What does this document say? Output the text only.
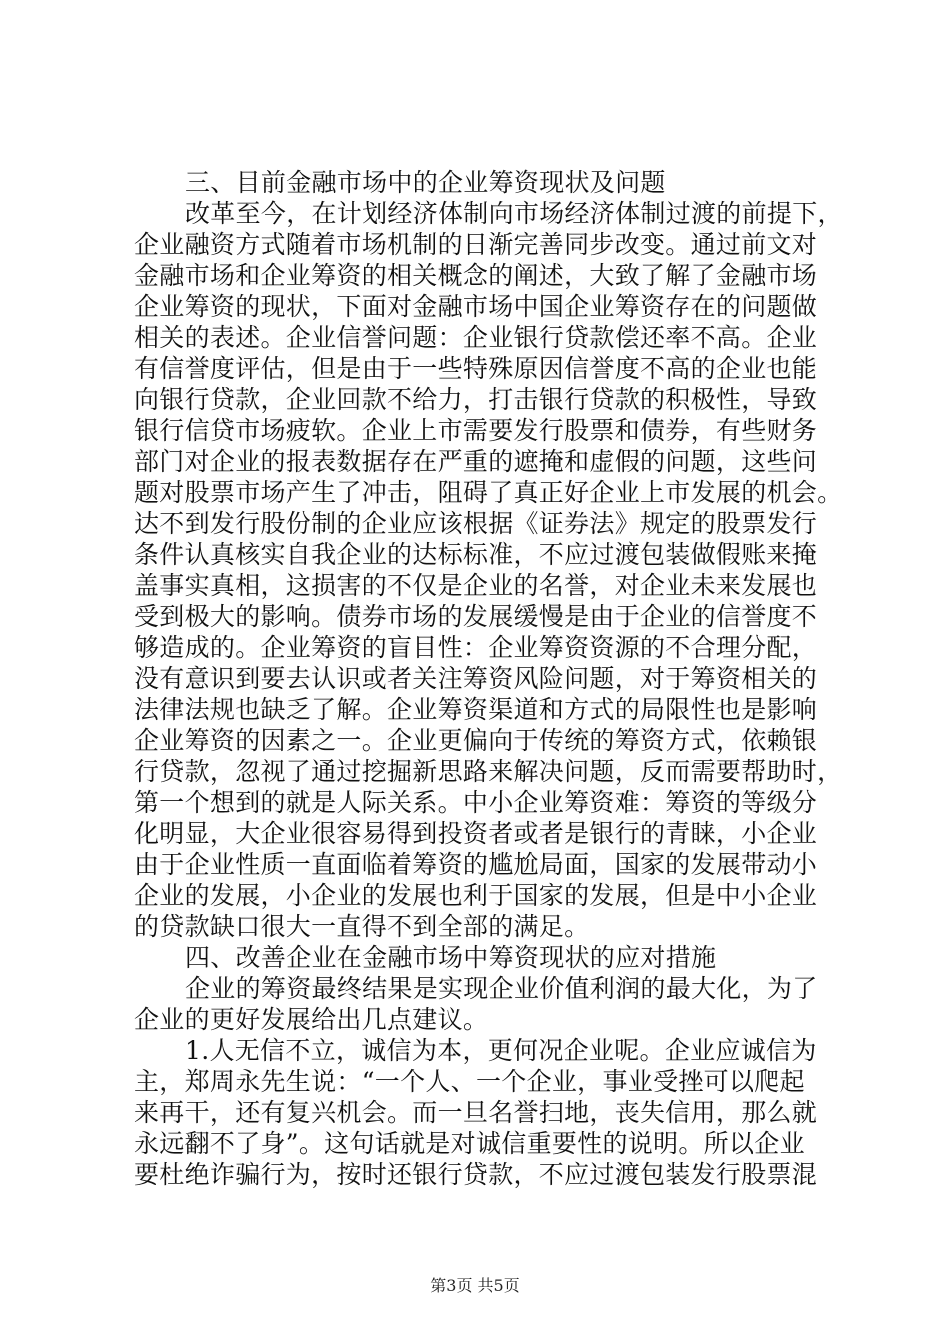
三、目前金融市场中的企业筹资现状及问题
改革至今，在计划经济体制向市场经济体制过渡的前提下，
企业融资方式随着市场机制的日渐完善同步改变。通过前文对
金融市场和企业筹资的相关概念的阐述，大致了解了金融市场
企业筹资的现状，下面对金融市场中国企业筹资存在的问题做
相关的表述。企业信誉问题：企业银行贷款偿还率不高。企业
有信誉度评估，但是由于一些特殊原因信誉度不高的企业也能
向银行贷款，企业回款不给力，打击银行贷款的积极性，导致
银行信贷市场疲软。企业上市需要发行股票和债券，有些财务
部门对企业的报表数据存在严重的遮掩和虚假的问题，这些问
题对股票市场产生了冲击，阻碍了真正好企业上市发展的机会。
达不到发行股份制的企业应该根据《证券法》规定的股票发行
条件认真核实自我企业的达标标准，不应过渡包装做假账来掩
盖事实真相，这损害的不仅是企业的名誉，对企业未来发展也
受到极大的影响。债券市场的发展缓慢是由于企业的信誉度不
够造成的。企业筹资的盲目性：企业筹资资源的不合理分配，
没有意识到要去认识或者关注筹资风险问题，对于筹资相关的
法律法规也缺乏了解。企业筹资渠道和方式的局限性也是影响
企业筹资的因素之一。企业更偏向于传统的筹资方式，依赖银
行贷款，忽视了通过挖掘新思路来解决问题，反而需要帮助时，
第一个想到的就是人际关系。中小企业筹资难：筹资的等级分
化明显，大企业很容易得到投资者或者是银行的青睐，小企业
由于企业性质一直面临着筹资的尴尬局面，国家的发展带动小
企业的发展，小企业的发展也利于国家的发展，但是中小企业
的贷款缺口很大一直得不到全部的满足。
四、改善企业在金融市场中筹资现状的应对措施
企业的筹资最终结果是实现企业价值利润的最大化，为了
企业的更好发展给出几点建议。
1.人无信不立，诚信为本，更何况企业呢。企业应诚信为
主，郑周永先生说：“一个人、一个企业，事业受挫可以爬起
来再干，还有复兴机会。而一旦名誉扫地，丧失信用，那么就
永远翻不了身”。这句话就是对诚信重要性的说明。所以企业
要杜绝诈骗行为，按时还银行贷款，不应过渡包装发行股票混
第3页 共5页
